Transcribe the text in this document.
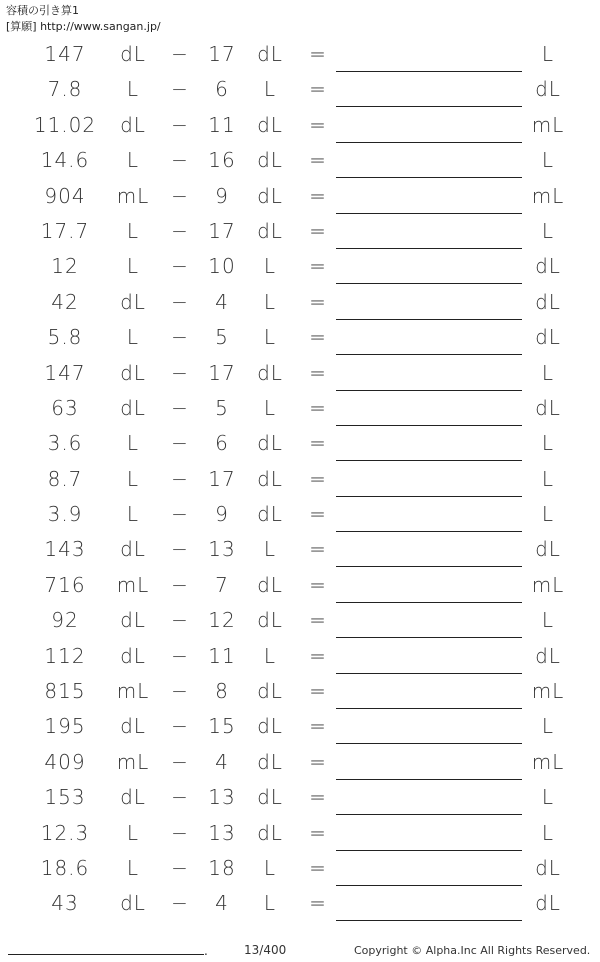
容積の引き算1
[算願] http://www.sangan.jp/
147	dL	− 17	dL	=	L
7.8	L	−	6	L	=	dL
11.02	dL	− 11	dL	=	mL
14.6	L	− 16	dL	=	L
904	mL	−	9	dL	=	mL
17.7	L	− 17	dL	=	L
12	L	− 10	L	=	dL
42	dL	−	4	L	=	dL
5.8	L	−	5	L	=	dL
147	dL	− 17	dL	=	L
63	dL	−	5	L	=	dL
3.6	L	−	6	dL	=	L
8.7	L	− 17	dL	=	L
3.9	L	−	9	dL	=	L
143	dL	− 13	L	=	dL
716	mL	−	7	dL	=	mL
92	dL	− 12	dL	=	L
112	dL	− 11	L	=	dL
815	mL	−	8	dL	=	mL
195	dL	− 15	dL	=	L
409	mL	−	4	dL	=	mL
153	dL	− 13	dL	=	L
12.3	L	− 13	dL	=	L
18.6	L	− 18	L	=	dL
43	dL	−	4	L	=	dL
.	13/400	Copyright © Alpha.Inc All Rights Reserved.
